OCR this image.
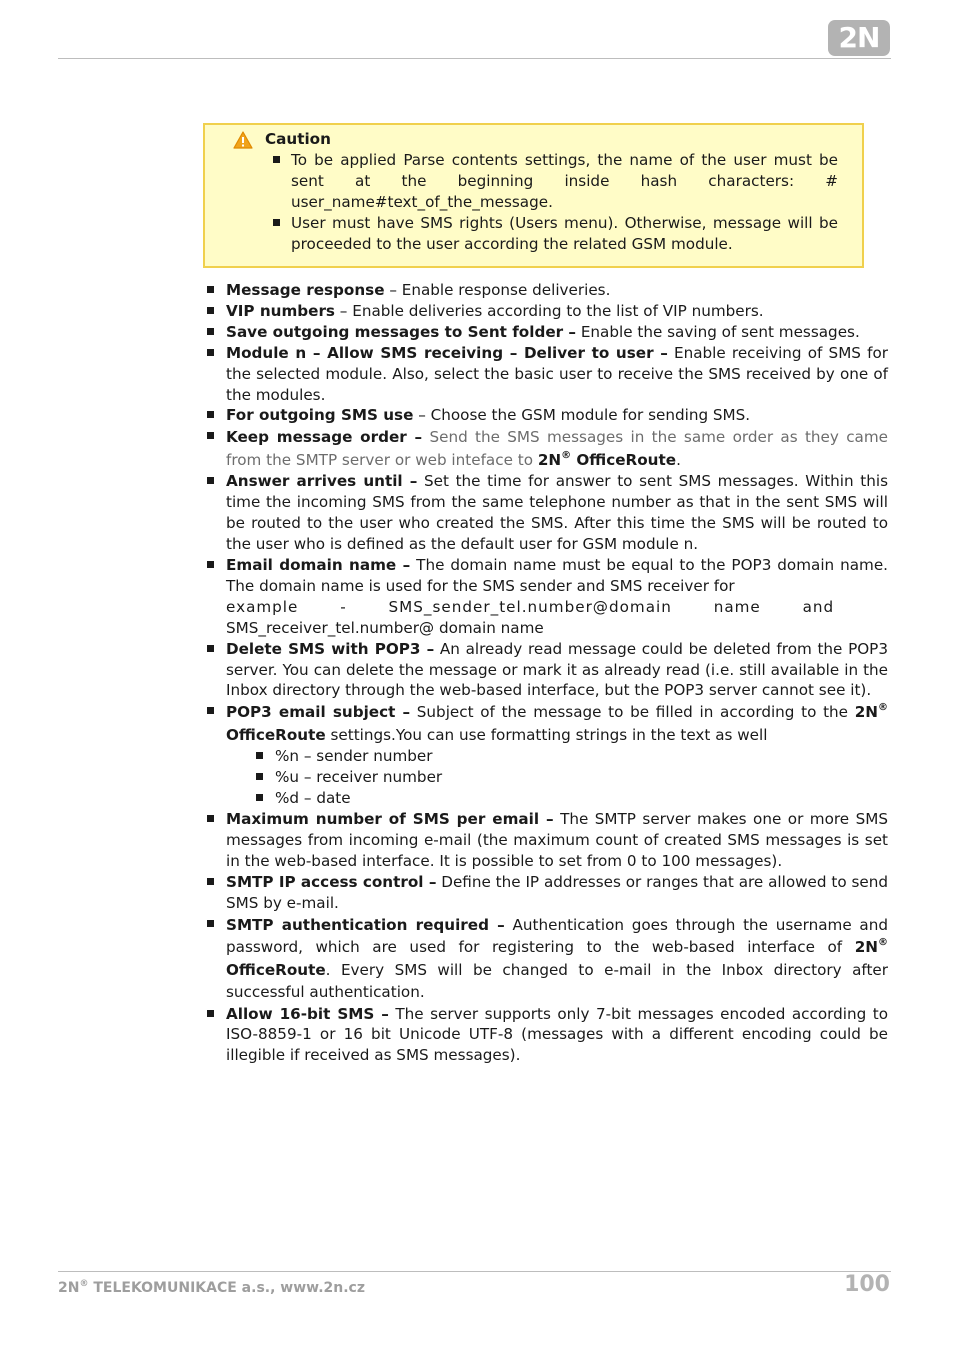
2N
Caution
To be applied Parse contents settings, the name of the user must be sent at the beginning inside hash characters: # user_name#text_of_the_message.
User must have SMS rights (Users menu). Otherwise, message will be proceeded to the user according the related GSM module.
Message response – Enable response deliveries.
VIP numbers – Enable deliveries according to the list of VIP numbers.
Save outgoing messages to Sent folder – Enable the saving of sent messages.
Module n – Allow SMS receiving – Deliver to user – Enable receiving of SMS for the selected module. Also, select the basic user to receive the SMS received by one of the modules.
For outgoing SMS use – Choose the GSM module for sending SMS.
Keep message order – Send the SMS messages in the same order as they came from the SMTP server or web inteface to 2N® OfficeRoute.
Answer arrives until – Set the time for answer to sent SMS messages. Within this time the incoming SMS from the same telephone number as that in the sent SMS will be routed to the user who created the SMS. After this time the SMS will be routed to the user who is defined as the default user for GSM module n.
Email domain name – The domain name must be equal to the POP3 domain name. The domain name is used for the SMS sender and SMS receiver for
example - SMS_sender_tel.number@domain name and
SMS_receiver_tel.number@ domain name
Delete SMS with POP3 – An already read message could be deleted from the POP3 server. You can delete the message or mark it as already read (i.e. still available in the Inbox directory through the web-based interface, but the POP3 server cannot see it).
POP3 email subject – Subject of the message to be filled in according to the 2N® OfficeRoute settings.You can use formatting strings in the text as well
%n – sender number
%u – receiver number
%d – date
Maximum number of SMS per email – The SMTP server makes one or more SMS messages from incoming e-mail (the maximum count of created SMS messages is set in the web-based interface. It is possible to set from 0 to 100 messages).
SMTP IP access control – Define the IP addresses or ranges that are allowed to send SMS by e-mail.
SMTP authentication required – Authentication goes through the username and password, which are used for registering to the web-based interface of 2N® OfficeRoute. Every SMS will be changed to e-mail in the Inbox directory after successful authentication.
Allow 16-bit SMS – The server supports only 7-bit messages encoded according to ISO-8859-1 or 16 bit Unicode UTF-8 (messages with a different encoding could be illegible if received as SMS messages).
2N® TELEKOMUNIKACE a.s., www.2n.cz	100
